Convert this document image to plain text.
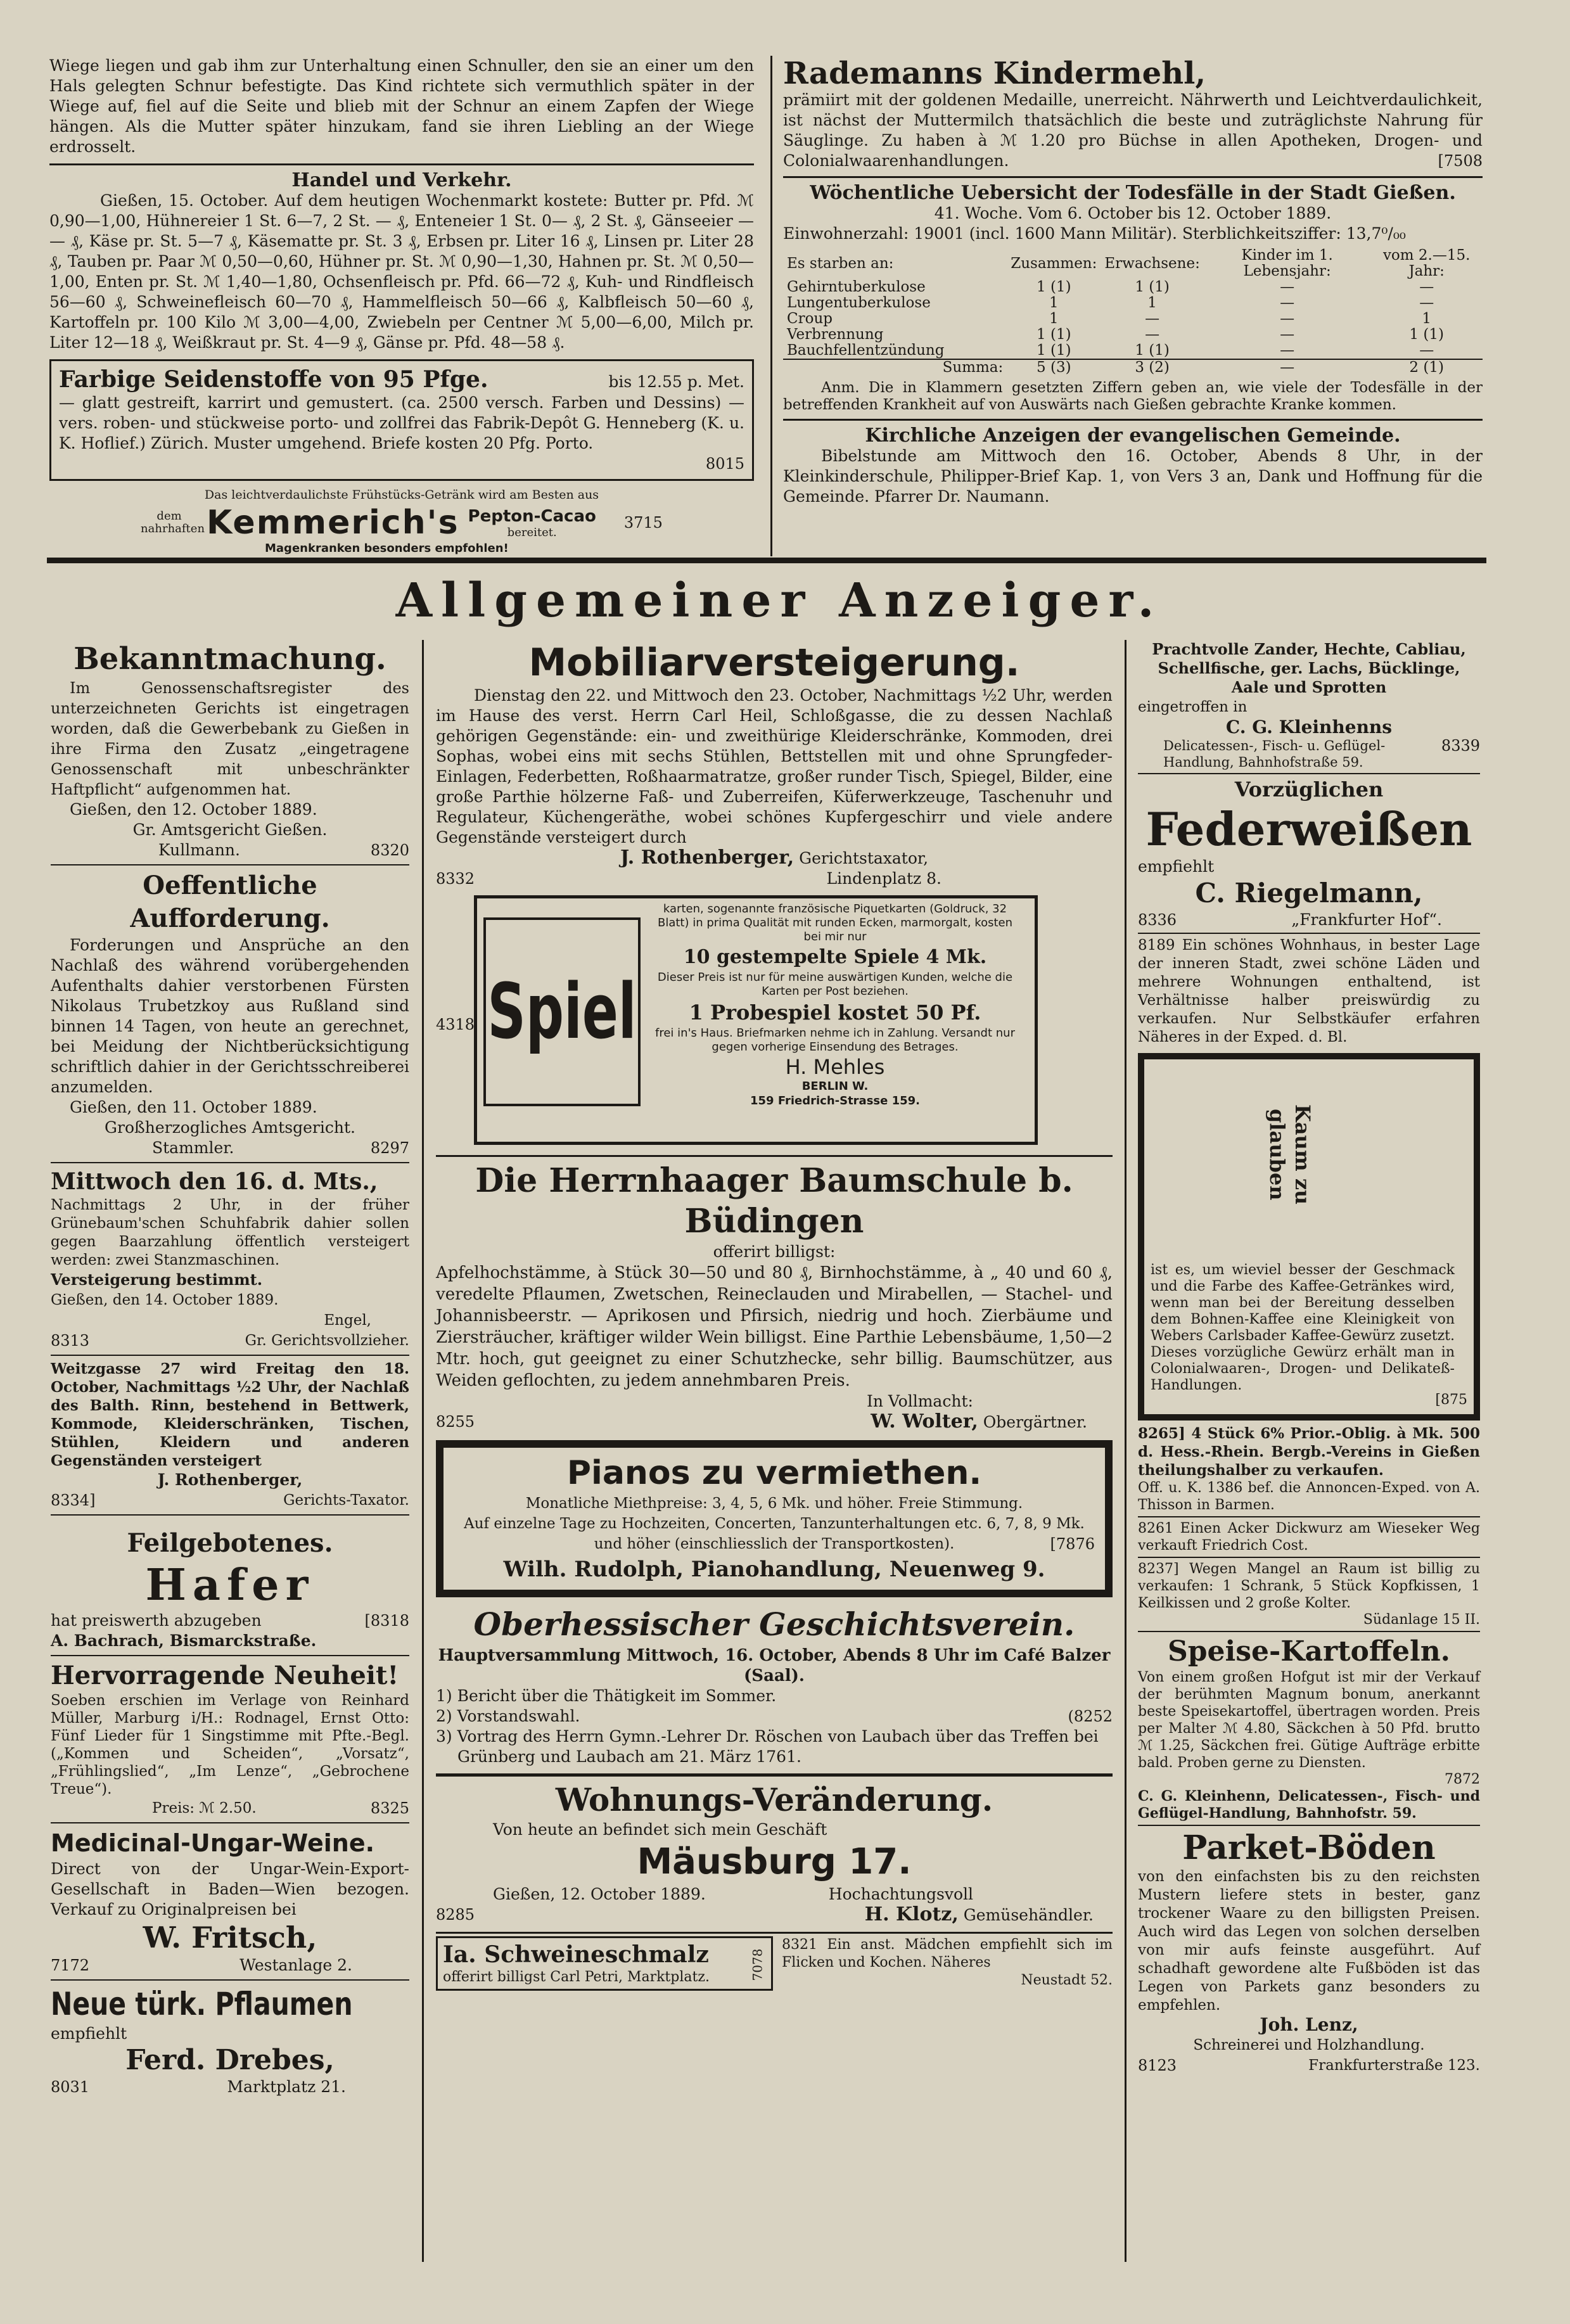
Wiege liegen und gab ihm zur Unterhaltung einen Schnuller, den sie an einer um den Hals gelegten Schnur befestigte. Das Kind richtete sich vermuthlich später in der Wiege auf, fiel auf die Seite und blieb mit der Schnur an einem Zapfen der Wiege hängen. Als die Mutter später hinzukam, fand sie ihren Liebling an der Wiege erdrosselt.

Handel und Verkehr.

Gießen, 15. October. Auf dem heutigen Wochenmarkt kostete: Butter pr. Pfd. ℳ 0,90—1,00, Hühnereier 1 St. 6—7, 2 St. — ₰, Enteneier 1 St. 0— ₰, 2 St. ₰, Gänseeier — — ₰, Käse pr. St. 5—7 ₰, Käsematte pr. St. 3 ₰, Erbsen pr. Liter 16 ₰, Linsen pr. Liter 28 ₰, Tauben pr. Paar ℳ 0,50—0,60, Hühner pr. St. ℳ 0,90—1,30, Hahnen pr. St. ℳ 0,50—1,00, Enten pr. St. ℳ 1,40—1,80, Ochsenfleisch pr. Pfd. 66—72 ₰, Kuh- und Rindfleisch 56—60 ₰, Schweinefleisch 60—70 ₰, Hammelfleisch 50—66 ₰, Kalbfleisch 50—60 ₰, Kartoffeln pr. 100 Kilo ℳ 3,00—4,00, Zwiebeln per Centner ℳ 5,00—6,00, Milch pr. Liter 12—18 ₰, Weißkraut pr. St. 4—9 ₰, Gänse pr. Pfd. 48—58 ₰.

Farbige Seidenstoffe von 95 Pfge.	bis 12.55 p. Met.

— glatt gestreift, karrirt und gemustert. (ca. 2500 versch. Farben und Dessins) — vers. roben- und stückweise porto- und zollfrei das Fabrik-Depôt G. Henneberg (K. u. K. Hoflief.) Zürich. Muster umgehend. Briefe kosten 20 Pfg. Porto.

8015
Das leichtverdaulichste Frühstücks-Getränk wird am Besten aus
dem nahrhaften Kemmerich's Pepton-Cacao
bereitet.
3715
Magenkranken besonders empfohlen!
Rademanns Kindermehl,

prämiirt mit der goldenen Medaille, unerreicht. Nährwerth und Leichtverdaulichkeit, ist nächst der Muttermilch thatsächlich die beste und zuträglichste Nahrung für Säuglinge. Zu haben à ℳ 1.20 pro Büchse in allen Apotheken, Drogen- und Colonialwaarenhandlungen.	[7508
Wöchentliche Uebersicht der Todesfälle in der Stadt Gießen.
41. Woche. Vom 6. October bis 12. October 1889.
Einwohnerzahl: 19001 (incl. 1600 Mann Militär). Sterblichkeitsziffer: 13,7⁰/₀₀
Es starben an:	Zusammen:	Erwachsene:	Kinder im 1. Lebensjahr:	vom 2.—15. Jahr:
Gehirntuberkulose	1 (1)	1 (1)	—	—
Lungentuberkulose	1	1	—	—
Croup	1	—	—	1
Verbrennung	1 (1)	—	—	1 (1)
Bauchfellentzündung	1 (1)	1 (1)	—	—
Summa:	5 (3)	3 (2)	—	2 (1)

Anm. Die in Klammern gesetzten Ziffern geben an, wie viele der Todesfälle in der betreffenden Krankheit auf von Auswärts nach Gießen gebrachte Kranke kommen.

Kirchliche Anzeigen der evangelischen Gemeinde.

Bibelstunde am Mittwoch den 16. October, Abends 8 Uhr, in der Kleinkinderschule, Philipper-Brief Kap. 1, von Vers 3 an, Dank und Hoffnung für die Gemeinde. Pfarrer Dr. Naumann.

Allgemeiner Anzeiger.
Bekanntmachung.

Im Genossenschaftsregister des unterzeichneten Gerichts ist eingetragen worden, daß die Gewerbebank zu Gießen in ihre Firma den Zusatz „eingetragene Genossenschaft mit unbeschränkter Haftpflicht“ aufgenommen hat.

Gießen, den 12. October 1889.
Gr. Amtsgericht Gießen.
Kullmann.	8320
Oeffentliche Aufforderung.

Forderungen und Ansprüche an den Nachlaß des während vorübergehenden Aufenthalts dahier verstorbenen Fürsten Nikolaus Trubetzkoy aus Rußland sind binnen 14 Tagen, von heute an gerechnet, bei Meidung der Nichtberücksichtigung schriftlich dahier in der Gerichtsschreiberei anzumelden.

Gießen, den 11. October 1889.
Großherzogliches Amtsgericht.
Stammler.	8297
Mittwoch den 16. d. Mts.,

Nachmittags 2 Uhr, in der früher Grünebaum'schen Schuhfabrik dahier sollen gegen Baarzahlung öffentlich versteigert werden: zwei Stanzmaschinen.

Versteigerung bestimmt.
Gießen, den 14. October 1889.
Engel,
8313	Gr. Gerichtsvollzieher.

Weitzgasse 27 wird Freitag den 18. October, Nachmittags ½2 Uhr, der Nachlaß des Balth. Rinn, bestehend in Bettwerk, Kommode, Kleiderschränken, Tischen, Stühlen, Kleidern und anderen Gegenständen versteigert

J. Rothenberger,
8334]	Gerichts-Taxator.
Feilgebotenes.
Hafer
hat preiswerth abzugeben	[8318
A. Bachrach, Bismarckstraße.
Hervorragende Neuheit!

Soeben erschien im Verlage von Reinhard Müller, Marburg i/H.: Rodnagel, Ernst Otto: Fünf Lieder für 1 Singstimme mit Pfte.-Begl. („Kommen und Scheiden“, „Vorsatz“, „Frühlingslied“, „Im Lenze“, „Gebrochene Treue“).

Preis: ℳ 2.50.	8325
Medicinal-Ungar-Weine.

Direct von der Ungar-Wein-Export-Gesellschaft in Baden—Wien bezogen. Verkauf zu Originalpreisen bei

W. Fritsch,
7172	Westanlage 2.
Neue türk. Pflaumen
empfiehlt
Ferd. Drebes,
8031	Marktplatz 21.
Mobiliarversteigerung.

Dienstag den 22. und Mittwoch den 23. October, Nachmittags ½2 Uhr, werden im Hause des verst. Herrn Carl Heil, Schloßgasse, die zu dessen Nachlaß gehörigen Gegenstände: ein- und zweithürige Kleiderschränke, Kommoden, drei Sophas, wobei eins mit sechs Stühlen, Bettstellen mit und ohne Sprungfeder-Einlagen, Federbetten, Roßhaarmatratze, großer runder Tisch, Spiegel, Bilder, eine große Parthie hölzerne Faß- und Zuberreifen, Küferwerkzeuge, Taschenuhr und Regulateur, Küchengeräthe, wobei schönes Kupfergeschirr und viele andere Gegenstände versteigert durch

J. Rothenberger, Gerichtstaxator,
8332	Lindenplatz 8.
4318 Spiel

karten, sogenannte französische Piquetkarten (Goldruck, 32 Blatt) in prima Qualität mit runden Ecken, marmorgalt, kosten bei mir nur

10 gestempelte Spiele 4 Mk.

Dieser Preis ist nur für meine auswärtigen Kunden, welche die Karten per Post beziehen.

1 Probespiel kostet 50 Pf.

frei in's Haus. Briefmarken nehme ich in Zahlung. Versandt nur gegen vorherige Einsendung des Betrages.

H. Mehles
BERLIN W.
159 Friedrich-Strasse 159.
Die Herrnhaager Baumschule b. Büdingen
offerirt billigst:

Apfelhochstämme, à Stück 30—50 und 80 ₰, Birnhochstämme, à „ 40 und 60 ₰, veredelte Pflaumen, Zwetschen, Reineclauden und Mirabellen, — Stachel- und Johannisbeerstr. — Aprikosen und Pfirsich, niedrig und hoch. Zierbäume und Ziersträucher, kräftiger wilder Wein billigst. Eine Parthie Lebensbäume, 1,50—2 Mtr. hoch, gut geeignet zu einer Schutzhecke, sehr billig. Baumschützer, aus Weiden geflochten, zu jedem annehmbaren Preis.

In Vollmacht:
8255	W. Wolter, Obergärtner.
Pianos zu vermiethen.
Monatliche Miethpreise: 3, 4, 5, 6 Mk. und höher. Freie Stimmung.
Auf einzelne Tage zu Hochzeiten, Concerten, Tanzunterhaltungen etc. 6, 7, 8, 9 Mk. und höher (einschliesslich der Transportkosten).	[7876
Wilh. Rudolph, Pianohandlung, Neuenweg 9.
Oberhessischer Geschichtsverein.

Hauptversammlung Mittwoch, 16. October, Abends 8 Uhr im Café Balzer (Saal).

1) Bericht über die Thätigkeit im Sommer.
2) Vorstandswahl.	(8252
3) Vortrag des Herrn Gymn.-Lehrer Dr. Röschen von Laubach über das Treffen bei Grünberg und Laubach am 21. März 1761.
Wohnungs-Veränderung.
Von heute an befindet sich mein Geschäft
Mäusburg 17.
Gießen, 12. October 1889.	Hochachtungsvoll
8285	H. Klotz, Gemüsehändler.
Ia. Schweineschmalz
offerirt billigst Carl Petri, Marktplatz.	7078

8321 Ein anst. Mädchen empfiehlt sich im Flicken und Kochen. Näheres

Neustadt 52.

Prachtvolle Zander, Hechte, Cabliau, Schellfische, ger. Lachs, Bücklinge, Aale und Sprotten

eingetroffen in
C. G. Kleinhenns
Delicatessen-, Fisch- u. Geflügel-Handlung, Bahnhofstraße 59.
8339
Vorzüglichen
Federweißen
empfiehlt
C. Riegelmann,
8336	„Frankfurter Hof“.

8189 Ein schönes Wohnhaus, in bester Lage der inneren Stadt, zwei schöne Läden und mehrere Wohnungen enthaltend, ist Verhältnisse halber preiswürdig zu verkaufen. Nur Selbstkäufer erfahren Näheres in der Exped. d. Bl.

Kaum zu glauben

ist es, um wieviel besser der Geschmack und die Farbe des Kaffee-Getränkes wird, wenn man bei der Bereitung desselben dem Bohnen-Kaffee eine Kleinigkeit von Webers Carlsbader Kaffee-Gewürz zusetzt. Dieses vorzügliche Gewürz erhält man in Colonialwaaren-, Drogen- und Delikateß-Handlungen.

[875

8265] 4 Stück 6% Prior.-Oblig. à Mk. 500 d. Hess.-Rhein. Bergb.-Vereins in Gießen theilungshalber zu verkaufen.

Off. u. K. 1386 bef. die Annoncen-Exped. von A. Thisson in Barmen.

8261 Einen Acker Dickwurz am Wieseker Weg verkauft Friedrich Cost.

8237] Wegen Mangel an Raum ist billig zu verkaufen: 1 Schrank, 5 Stück Kopfkissen, 1 Keilkissen und 2 große Kolter.

Südanlage 15 II.
Speise-Kartoffeln.

Von einem großen Hofgut ist mir der Verkauf der berühmten Magnum bonum, anerkannt beste Speisekartoffel, übertragen worden. Preis per Malter ℳ 4.80, Säckchen à 50 Pfd. brutto ℳ 1.25, Säckchen frei. Gütige Aufträge erbitte bald. Proben gerne zu Diensten.

7872

C. G. Kleinhenn, Delicatessen-, Fisch- und Geflügel-Handlung, Bahnhofstr. 59.

Parket-Böden

von den einfachsten bis zu den reichsten Mustern liefere stets in bester, ganz trockener Waare zu den billigsten Preisen. Auch wird das Legen von solchen derselben von mir aufs feinste ausgeführt. Auf schadhaft gewordene alte Fußböden ist das Legen von Parkets ganz besonders zu empfehlen.

Joh. Lenz,
Schreinerei und Holzhandlung.
8123	Frankfurterstraße 123.
